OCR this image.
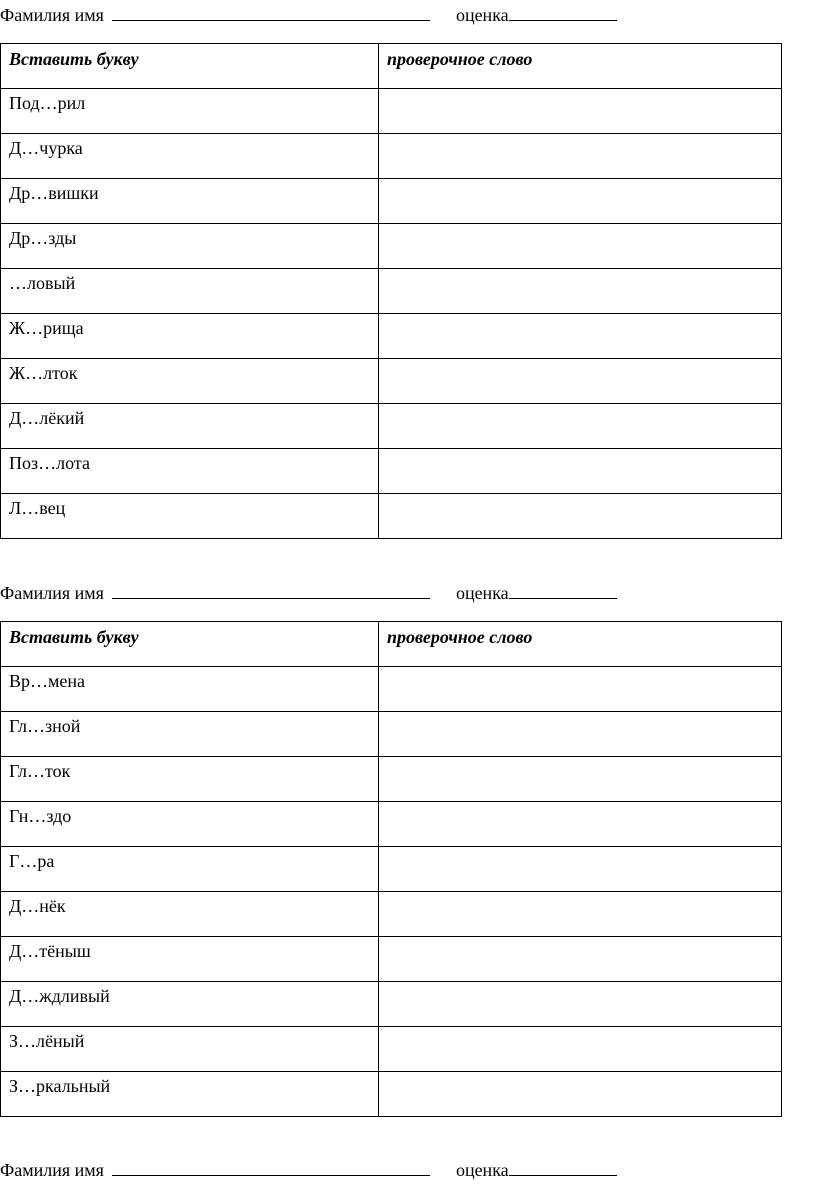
Фамилия имя	оценка
Вставить букву	проверочное слово
Под…рил	
Д…чурка	
Др…вишки	
Др…зды	
…ловый	
Ж…рища	
Ж…лток	
Д…лёкий	
Поз…лота	
Л…вец	
Фамилия имя	оценка
Вставить букву	проверочное слово
Вр…мена	
Гл…зной	
Гл…ток	
Гн…здо	
Г…ра	
Д…нёк	
Д…тёныш	
Д…ждливый	
З…лёный	
З…ркальный	
Фамилия имя	оценка
